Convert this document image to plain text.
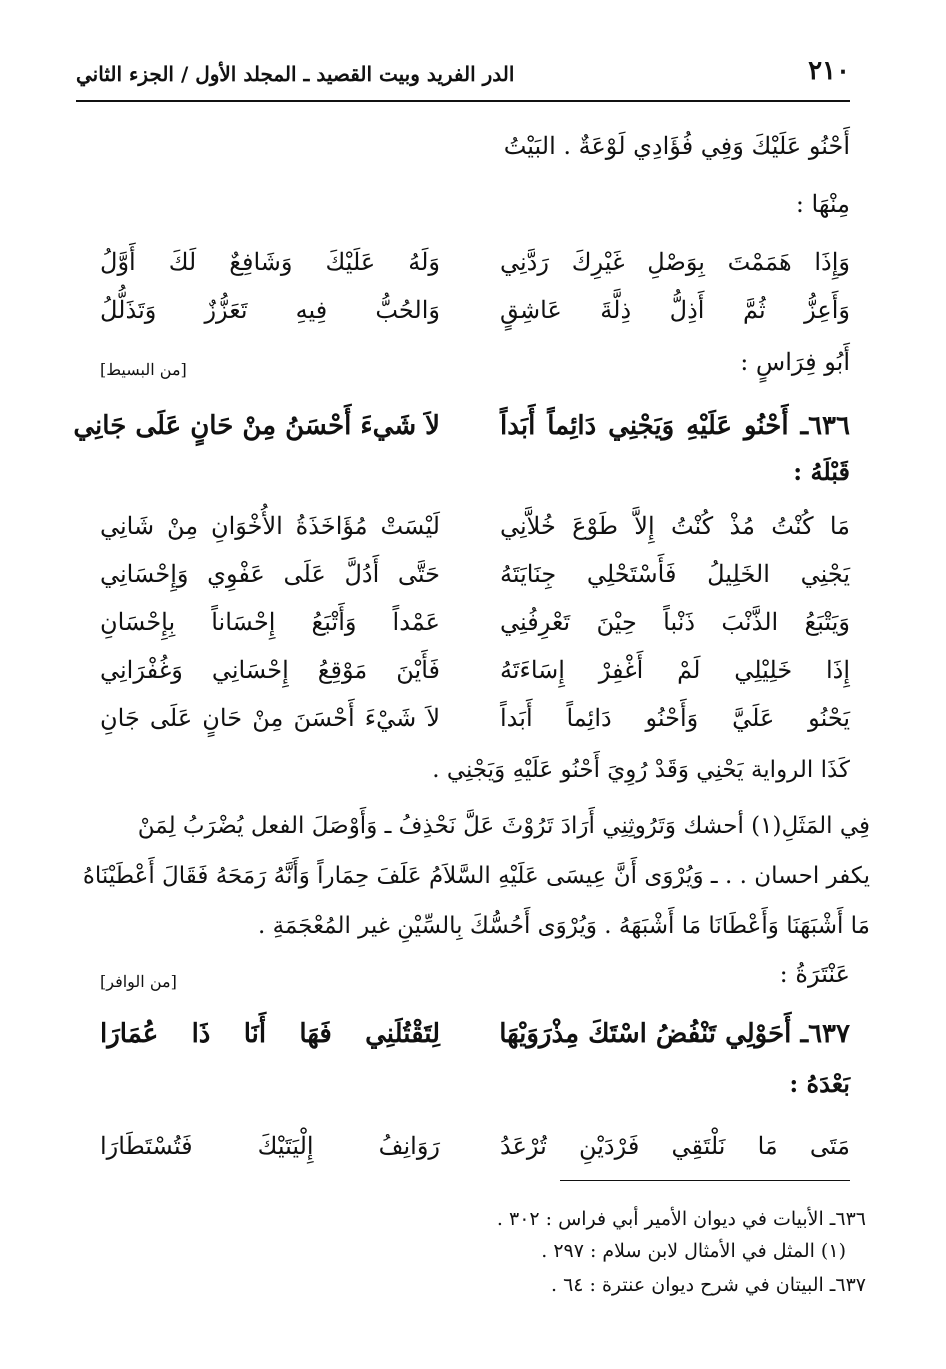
٢١٠
الدر الفريد وبيت القصيد ـ المجلد الأول / الجزء الثاني
أَحْنُو عَلَيْكَ وَفِي فُؤَادِي لَوْعَةٌ . البَيْتُ
مِنْهَا :
وَإِذَا هَمَمْتَ بِوَصْلِ غَيْرِكَ رَدَّنِي
وَلَهُ عَلَيْكَ وَشَافِعٌ لَكَ أَوَّلُ
وَأَعِزُّ ثُمَّ أَذِلُّ ذِلَّةَ عَاشِقٍ
وَالحُبُّ فِيهِ تَعَزُّزٌ وَتَذَلُّلُ
أَبُو فِرَاسٍ :
[من البسيط]
٦٣٦ـ أَحْنُو عَلَيْهِ وَيَجْنِي دَائِماً أَبَداً
لاَ شَيءَ أَحْسَنُ مِنْ حَانٍ عَلَى جَانِي
قَبْلَهُ :
مَا كُنْتُ مُذْ كُنْتُ إِلاَّ طَوْعَ خُلاَّنِي
لَيْسَتْ مُؤَاخَذَةُ الأُخْوَانِ مِنْ شَانِي
يَجْنِي الخَلِيلُ فَأَسْتَحْلِي جِنَايَتَهُ
حَتَّى أَدُلَّ عَلَى عَفْوِي وَإِحْسَانِي
وَيَتْبَعُ الذَّنْبَ ذَنْباً حِيْنَ تَعْرِفُنِي
عَمْداً وَأَتْبَعُ إِحْسَاناً بِإِحْسَانِ
إِذَا خَلِيْلِي لَمْ أَغْفِرْ إِسَاءَتَهُ
فَأَيْنَ مَوْقِعُ إِحْسَانِي وَغُفْرَانِي
يَحْنُو عَلَيَّ وَأَحْنُو دَائِماً أَبَداً
لاَ شَيْءَ أَحْسَنَ مِنْ حَانٍ عَلَى جَانِ
كَذَا الرواية يَحْنِي وَقَدْ رُوِيَ أَحْنُو عَلَيْهِ وَيَجْنِي .
فِي المَثَلِ(١) أحشك وَتَرُوثِنِي أَرَادَ تَرُوْثَ عَلَّ نَحْذِفُ ـ وَأَوْصَلَ الفعل يُضْرَبُ لِمَنْ
يكفر احسان . . ـ وَيُرْوَى أَنَّ عِيسَى عَلَيْهِ السَّلاَمُ عَلَفَ حِمَاراً وَأَنَّهُ رَمَحَهُ فَقَالَ أَعْطَيْنَاهُ
مَا أَشْبَهَنَا وَأَعْطَانَا مَا أَشْبَهَهُ . وَيُرْوَى أَحُسُّكَ بِالسِّيْنِ غير المُعْجَمَةِ .
عَنْتَرَةُ :
[من الوافر]
٦٣٧ـ أَحَوْلِي تَنْفُضُ اسْتَكَ مِذْرَوَيْهَا
لِتَقْتُلَنِي فَهَا أَنَا ذَا عُمَارَا
بَعْدَهُ :
مَتَى مَا نَلْتَقِي فَرْدَيْنِ تُرْعَدُ
رَوَانِفُ إِلْيَتَيْكَ فَتُسْتَطَارَا
٦٣٦ـ الأبيات في ديوان الأمير أبي فراس : ٣٠٢ .
(١) المثل في الأمثال لابن سلام : ٢٩٧ .
٦٣٧ـ البيتان في شرح ديوان عنترة : ٦٤ .
